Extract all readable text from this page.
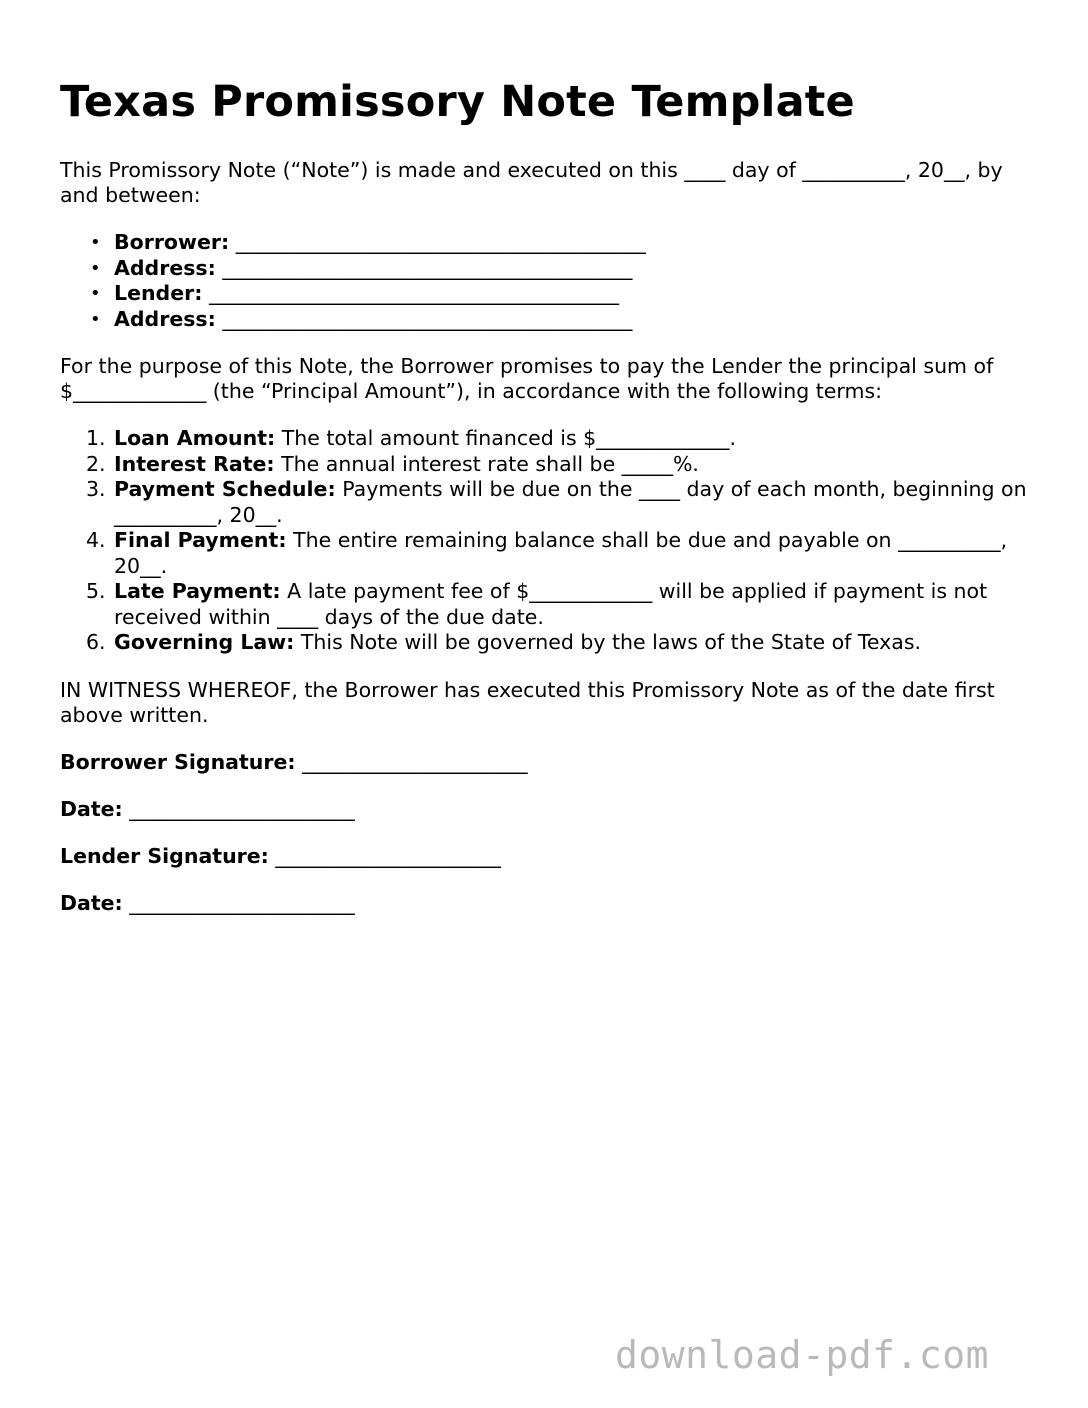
Texas Promissory Note Template

This Promissory Note (“Note”) is made and executed on this ____ day of __________, 20__, by and between:

• Borrower: ________________________________________
• Address: ________________________________________
• Lender: ________________________________________
• Address: ________________________________________

For the purpose of this Note, the Borrower promises to pay the Lender the principal sum of $_____________ (the “Principal Amount”), in accordance with the following terms:

1. Loan Amount: The total amount financed is $_____________.
2. Interest Rate: The annual interest rate shall be _____%.
3. Payment Schedule: Payments will be due on the ____ day of each month, beginning on __________, 20__.
4. Final Payment: The entire remaining balance shall be due and payable on __________, 20__.
5. Late Payment: A late payment fee of $____________ will be applied if payment is not received within ____ days of the due date.
6. Governing Law: This Note will be governed by the laws of the State of Texas.

IN WITNESS WHEREOF, the Borrower has executed this Promissory Note as of the date first above written.

Borrower Signature: ______________________

Date: ______________________

Lender Signature: ______________________

Date: ______________________

download-pdf.com
